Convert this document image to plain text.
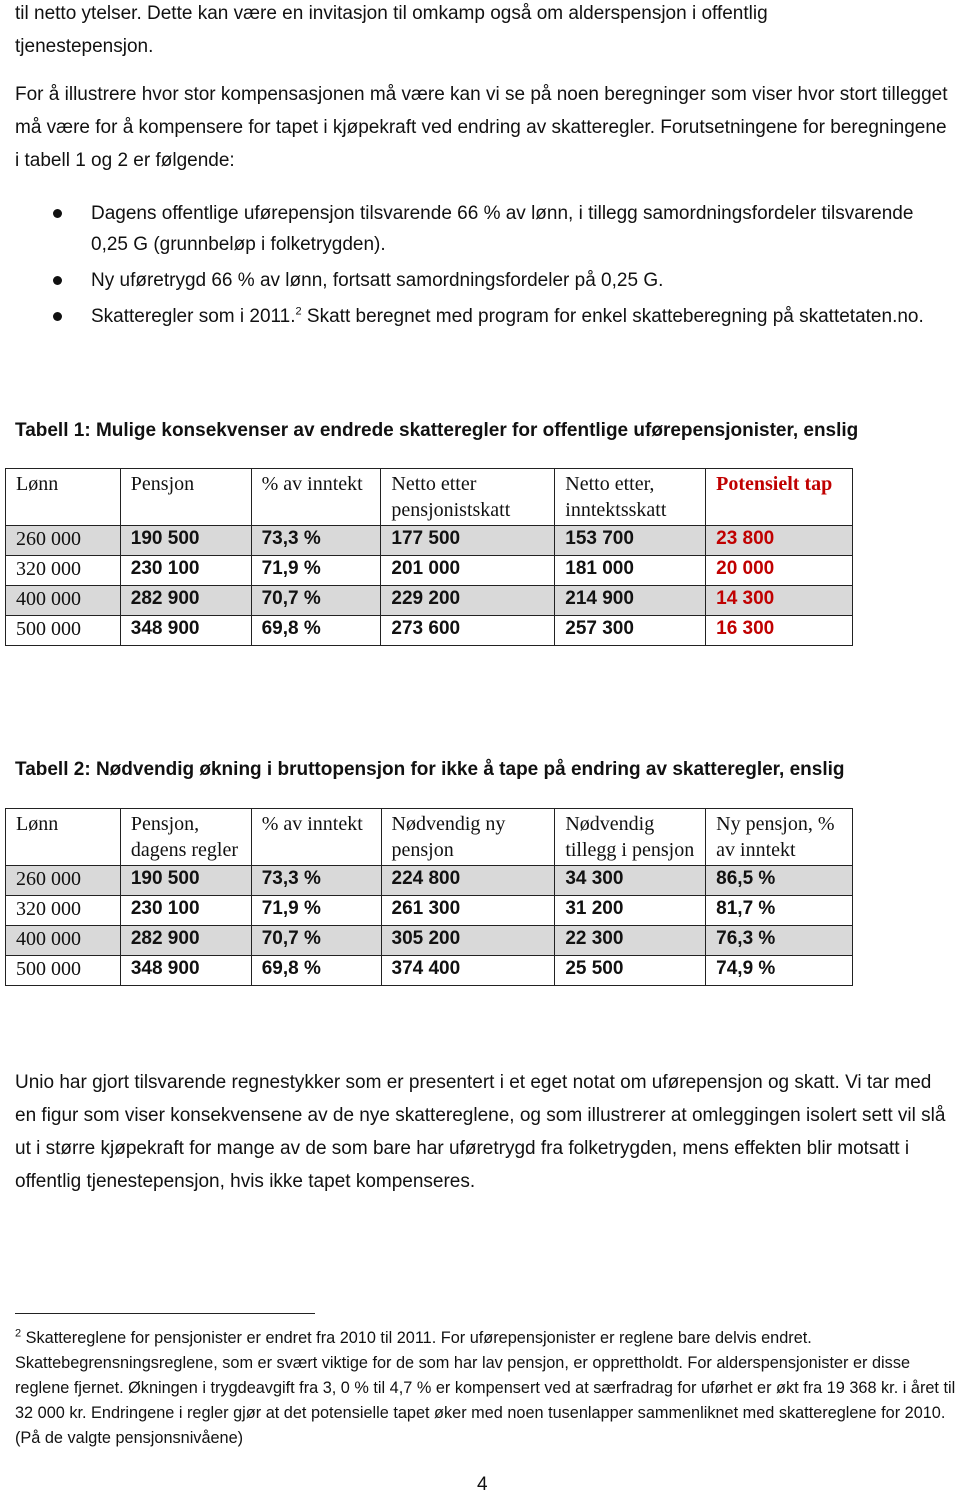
til netto ytelser. Dette kan være en invitasjon til omkamp også om alderspensjon i offentlig
tjenestepensjon.

For å illustrere hvor stor kompensasjonen må være kan vi se på noen beregninger som viser hvor stort tillegget må være for å kompensere for tapet i kjøpekraft ved endring av skatteregler. Forutsetningene for beregningene i tabell 1 og 2 er følgende:

Dagens offentlige uførepensjon tilsvarende 66 % av lønn, i tillegg samordningsfordeler tilsvarende 0,25 G (grunnbeløp i folketrygden).
Ny uføretrygd 66 % av lønn, fortsatt samordningsfordeler på 0,25 G.
Skatteregler som i 2011.$^2$ Skatt beregnet med program for enkel skatteberegning på skattetaten.no.

Tabell 1: Mulige konsekvenser av endrede skatteregler for offentlige uførepensjonister, enslig

Lønn	Pensjon	% av inntekt	Netto etter pensjonistskatt	Netto etter, inntektsskatt	Potensielt tap
260 000	190 500	73,3 %	177 500	153 700	23 800
320 000	230 100	71,9 %	201 000	181 000	20 000
400 000	282 900	70,7 %	229 200	214 900	14 300
500 000	348 900	69,8 %	273 600	257 300	16 300

Tabell 2: Nødvendig økning i bruttopensjon for ikke å tape på endring av skatteregler, enslig

Lønn	Pensjon, dagens regler	% av inntekt	Nødvendig ny pensjon	Nødvendig tillegg i pensjon	Ny pensjon, % av inntekt
260 000	190 500	73,3 %	224 800	34 300	86,5 %
320 000	230 100	71,9 %	261 300	31 200	81,7 %
400 000	282 900	70,7 %	305 200	22 300	76,3 %
500 000	348 900	69,8 %	374 400	25 500	74,9 %

Unio har gjort tilsvarende regnestykker som er presentert i et eget notat om uførepensjon og skatt. Vi tar med en figur som viser konsekvensene av de nye skattereglene, og som illustrerer at omleggingen isolert sett vil slå ut i større kjøpekraft for mange av de som bare har uføretrygd fra folketrygden, mens effekten blir motsatt i offentlig tjenestepensjon, hvis ikke tapet kompenseres.

$^2$ Skattereglene for pensjonister er endret fra 2010 til 2011. For uførepensjonister er reglene bare delvis endret. Skattebegrensningsreglene, som er svært viktige for de som har lav pensjon, er opprettholdt. For alderspensjonister er disse reglene fjernet. Økningen i trygdeavgift fra 3, 0 % til 4,7 % er kompensert ved at særfradrag for uførhet er økt fra 19 368 kr. i året til 32 000 kr. Endringene i regler gjør at det potensielle tapet øker med noen tusenlapper sammenliknet med skattereglene for 2010. (På de valgte pensjonsnivåene)

4
